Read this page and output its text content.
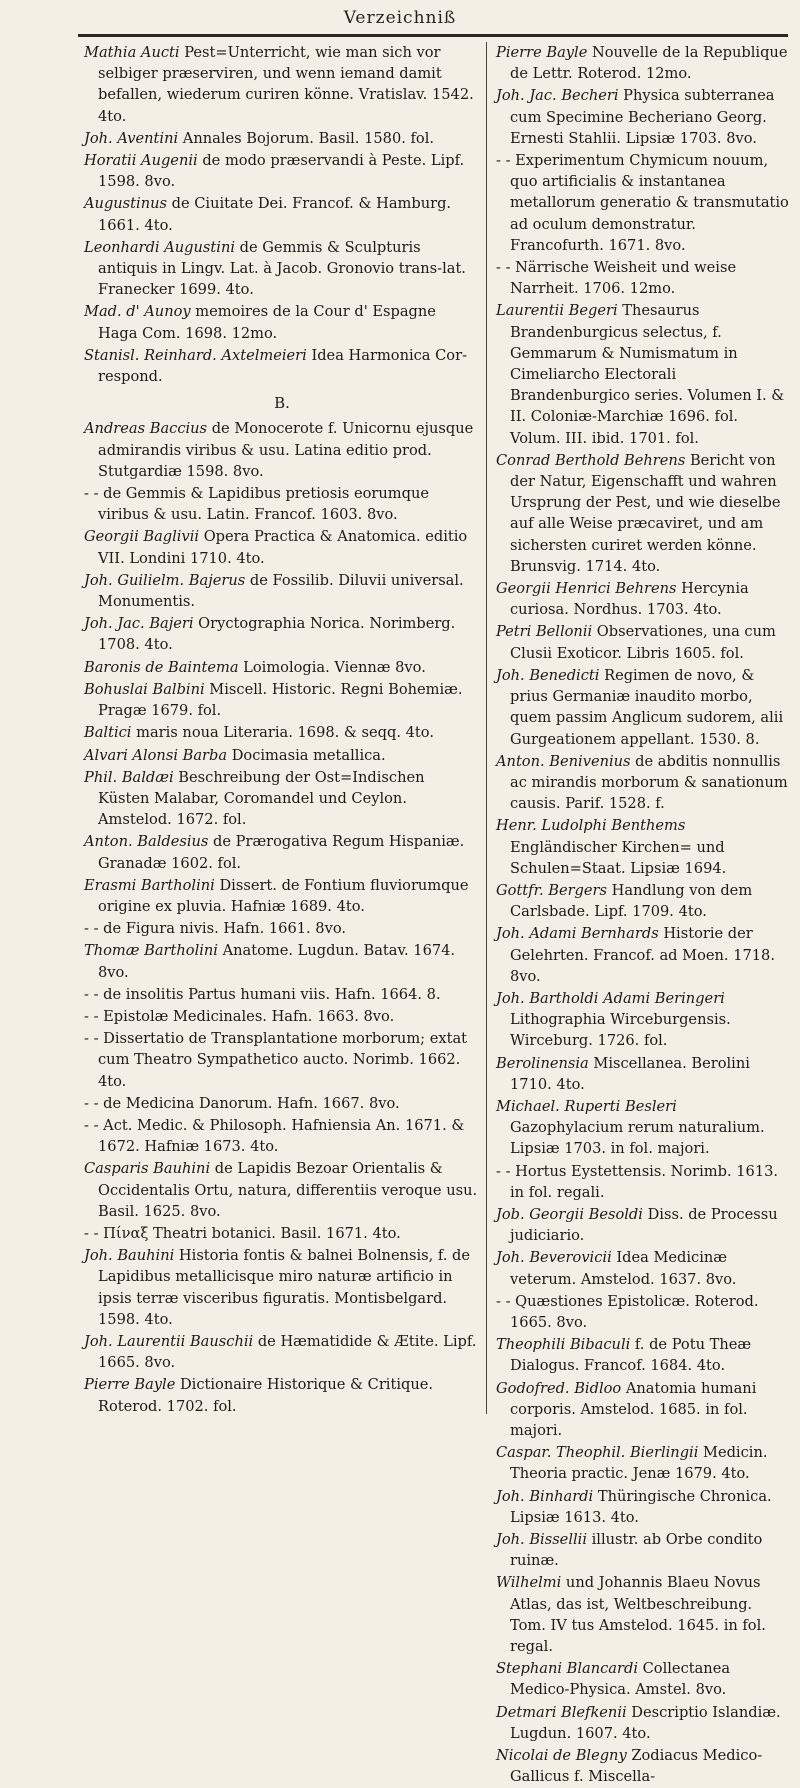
Verzeichniß
Mathia Aucti Pest=Unterricht, wie man sich vor selbiger præserviren, und wenn iemand damit befallen, wiederum curiren könne. Vratislav. 1542. 4to.
Joh. Aventini Annales Bojorum. Basil. 1580. fol.
Horatii Augenii de modo præservandi à Peste. Lipf. 1598. 8vo.
Augustinus de Ciuitate Dei. Francof. & Hamburg. 1661. 4to.
Leonhardi Augustini de Gemmis & Sculpturis antiquis in Lingv. Lat. à Jacob. Gronovio trans-lat. Franecker 1699. 4to.
Mad. d' Aunoy memoires de la Cour d' Espagne Haga Com. 1698. 12mo.
Stanisl. Reinhard. Axtelmeieri Idea Harmonica Cor-respond.
B.
Andreas Baccius de Monocerote f. Unicornu ejusque admirandis viribus & usu. Latina editio prod. Stutgardiæ 1598. 8vo.
- - de Gemmis & Lapidibus pretiosis eorumque viribus & usu. Latin. Francof. 1603. 8vo.
Georgii Baglivii Opera Practica & Anatomica. editio VII. Londini 1710. 4to.
Joh. Guilielm. Bajerus de Fossilib. Diluvii universal. Monumentis.
Joh. Jac. Bajeri Oryctographia Norica. Norimberg. 1708. 4to.
Baronis de Baintema Loimologia. Viennæ 8vo.
Bohuslai Balbini Miscell. Historic. Regni Bohemiæ. Pragæ 1679. fol.
Baltici maris noua Literaria. 1698. & seqq. 4to.
Alvari Alonsi Barba Docimasia metallica.
Phil. Baldæi Beschreibung der Ost=Indischen Küsten Malabar, Coromandel und Ceylon. Amstelod. 1672. fol.
Anton. Baldesius de Prærogativa Regum Hispaniæ. Granadæ 1602. fol.
Erasmi Bartholini Dissert. de Fontium fluviorumque origine ex pluvia. Hafniæ 1689. 4to.
- - de Figura nivis. Hafn. 1661. 8vo.
Thomæ Bartholini Anatome. Lugdun. Batav. 1674. 8vo.
- - de insolitis Partus humani viis. Hafn. 1664. 8.
- - Epistolæ Medicinales. Hafn. 1663. 8vo.
- - Dissertatio de Transplantatione morborum; extat cum Theatro Sympathetico aucto. Norimb. 1662. 4to.
- - de Medicina Danorum. Hafn. 1667. 8vo.
- - Act. Medic. & Philosoph. Hafniensia An. 1671. & 1672. Hafniæ 1673. 4to.
Casparis Bauhini de Lapidis Bezoar Orientalis & Occidentalis Ortu, natura, differentiis veroque usu. Basil. 1625. 8vo.
- - Πίναξ Theatri botanici. Basil. 1671. 4to.
Joh. Bauhini Historia fontis & balnei Bolnensis, f. de Lapidibus metallicisque miro naturæ artificio in ipsis terræ visceribus figuratis. Montisbelgard. 1598. 4to.
Joh. Laurentii Bauschii de Hæmatidide & Ætite. Lipf. 1665. 8vo.
Pierre Bayle Dictionaire Historique & Critique. Roterod. 1702. fol.
Pierre Bayle Nouvelle de la Republique de Lettr. Roterod. 12mo.
Joh. Jac. Becheri Physica subterranea cum Specimine Becheriano Georg. Ernesti Stahlii. Lipsiæ 1703. 8vo.
- - Experimentum Chymicum nouum, quo artificialis & instantanea metallorum generatio & transmutatio ad oculum demonstratur. Francofurth. 1671. 8vo.
- - Närrische Weisheit und weise Narrheit. 1706. 12mo.
Laurentii Begeri Thesaurus Brandenburgicus selectus, f. Gemmarum & Numismatum in Cimeliarcho Electorali Brandenburgico series. Volumen I. & II. Coloniæ-Marchiæ 1696. fol. Volum. III. ibid. 1701. fol.
Conrad Berthold Behrens Bericht von der Natur, Eigenschafft und wahren Ursprung der Pest, und wie dieselbe auf alle Weise præcaviret, und am sichersten curiret werden könne. Brunsvig. 1714. 4to.
Georgii Henrici Behrens Hercynia curiosa. Nordhus. 1703. 4to.
Petri Bellonii Observationes, una cum Clusii Exoticor. Libris 1605. fol.
Joh. Benedicti Regimen de novo, & prius Germaniæ inaudito morbo, quem passim Anglicum sudorem, alii Gurgeationem appellant. 1530. 8.
Anton. Benivenius de abditis nonnullis ac mirandis morborum & sanationum causis. Parif. 1528. f.
Henr. Ludolphi Benthems Engländischer Kirchen= und Schulen=Staat. Lipsiæ 1694.
Gottfr. Bergers Handlung von dem Carlsbade. Lipf. 1709. 4to.
Joh. Adami Bernhards Historie der Gelehrten. Francof. ad Moen. 1718. 8vo.
Joh. Bartholdi Adami Beringeri Lithographia Wirceburgensis. Wirceburg. 1726. fol.
Berolinensia Miscellanea. Berolini 1710. 4to.
Michael. Ruperti Besleri Gazophylacium rerum naturalium. Lipsiæ 1703. in fol. majori.
- - Hortus Eystettensis. Norimb. 1613. in fol. regali.
Job. Georgii Besoldi Diss. de Processu judiciario.
Joh. Beverovicii Idea Medicinæ veterum. Amstelod. 1637. 8vo.
- - Quæstiones Epistolicæ. Roterod. 1665. 8vo.
Theophili Bibaculi f. de Potu Theæ Dialogus. Francof. 1684. 4to.
Godofred. Bidloo Anatomia humani corporis. Amstelod. 1685. in fol. majori.
Caspar. Theophil. Bierlingii Medicin. Theoria practic. Jenæ 1679. 4to.
Joh. Binhardi Thüringische Chronica. Lipsiæ 1613. 4to.
Joh. Bissellii illustr. ab Orbe condito ruinæ.
Wilhelmi und Johannis Blaeu Novus Atlas, das ist, Weltbeschreibung. Tom. IV tus Amstelod. 1645. in fol. regal.
Stephani Blancardi Collectanea Medico-Physica. Amstel. 8vo.
Detmari Blefkenii Descriptio Islandiæ. Lugdun. 1607. 4to.
Nicolai de Blegny Zodiacus Medico-Gallicus f. Miscella-
